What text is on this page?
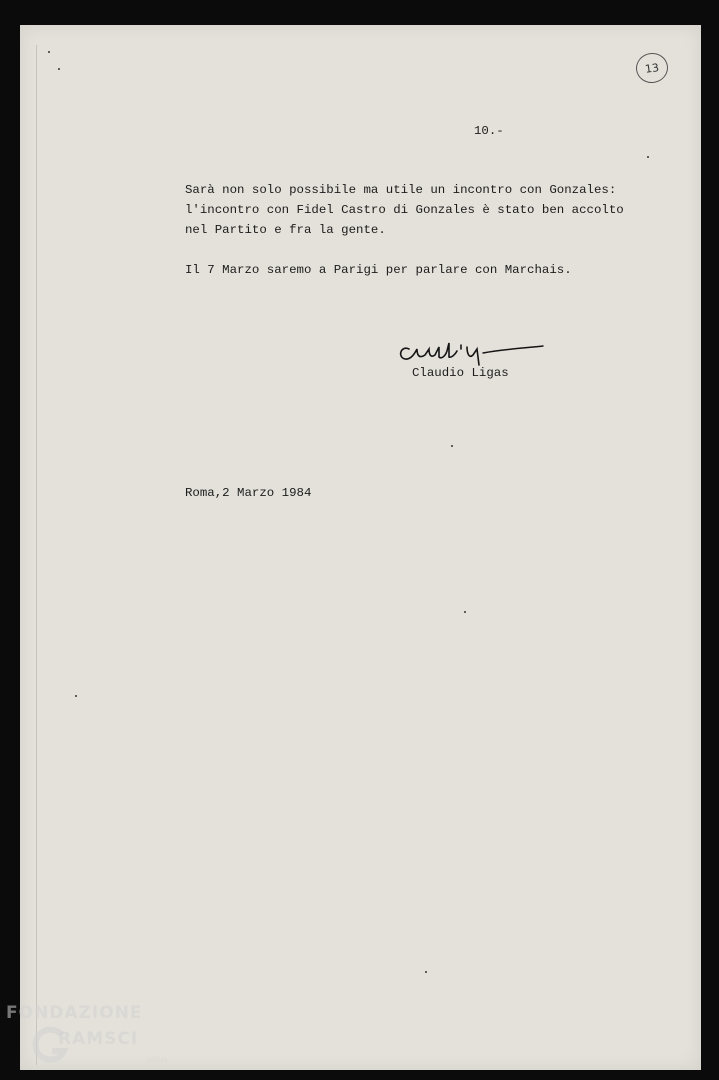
13
10.-
Sarà non solo possibile ma utile un incontro con Gonzales:
l'incontro con Fidel Castro di Gonzales è stato ben accolto
nel Partito e fra la gente.
Il 7 Marzo saremo a Parigi per parlare con Marchais.
Claudio Ligas
Roma,2 Marzo 1984
FONDAZIONE
RAMSCI
onlus
